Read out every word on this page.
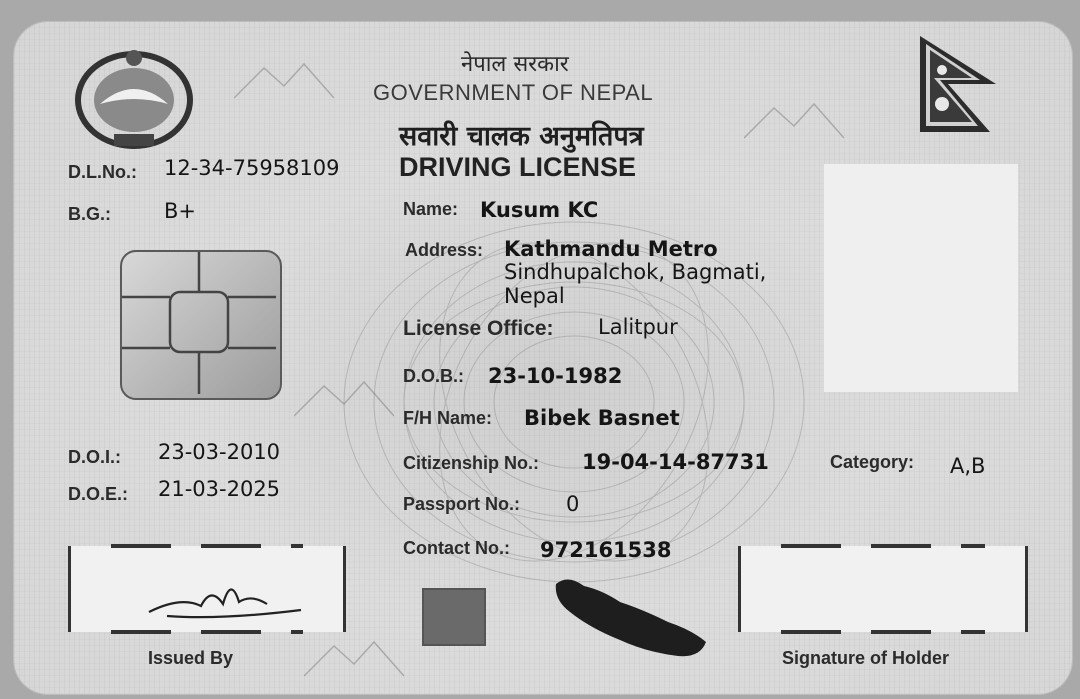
नेपाल सरकार
GOVERNMENT OF NEPAL
सवारी चालक अनुमतिपत्र
DRIVING LICENSE
D.L.No.: 12-34-75958109
B.G.:	B+
D.O.I.: 23-03-2010
D.O.E.: 21-03-2025
Name: Kusum KC
Address: Kathmandu Metro
Sindhupalchok, Bagmati,
Nepal
License Office: Lalitpur
D.O.B.: 23-10-1982
F/H Name: Bibek Basnet
Citizenship No.: 19-04-14-87731	Category: A,B
Passport No.: 0
Contact No.: 972161538
Issued By	Signature of Holder
